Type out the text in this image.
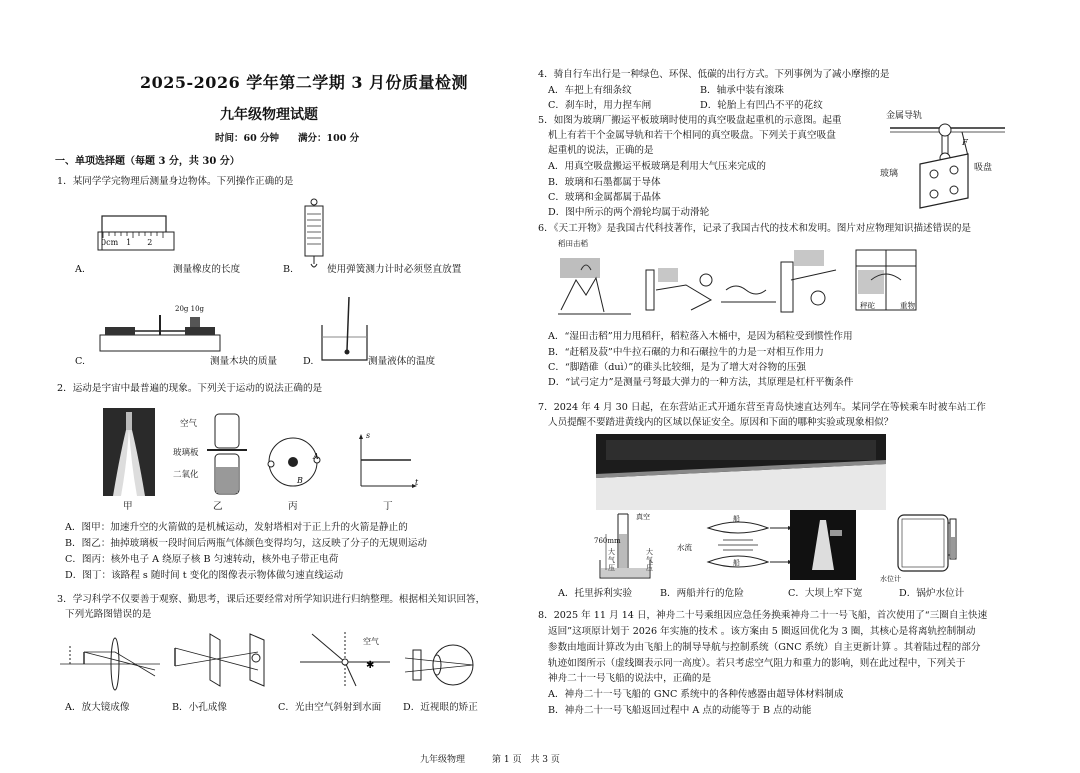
2025-2026 学年第二学期 3 月份质量检测
九年级物理试题
时间：60 分钟　　满分：100 分
一、单项选择题（每题 3 分，共 30 分）
1．某同学学完物理后测量身边物体。下列操作正确的是
0cm　1　　2
A.	测量橡皮的长度	B.	使用弹簧测力计时必须竖直放置
20g 10g
C.	测量木块的质量	D.	测量液体的温度
2．运动是宇宙中最普遍的现象。下列关于运动的说法正确的是
空气
玻璃板
二氧化
A
B
s
t
甲	乙	丙	丁
A．图甲：加速升空的火箭做的是机械运动，发射塔相对于正上升的火箭是静止的
B．图乙：抽掉玻璃板一段时间后两瓶气体颜色变得均匀，这反映了分子的无规则运动
C．图丙：核外电子 A 绕原子核 B 匀速转动，核外电子带正电荷
D．图丁：该路程 s 随时间 t 变化的图像表示物体做匀速直线运动
3．学习科学不仅要善于观察、勤思考，课后还要经常对所学知识进行归纳整理。根据相关知识回答，
下列光路图错误的是
✱
空气
A．放大镜成像	B．小孔成像	C．光由空气斜射到水面 D．近视眼的矫正
4．骑自行车出行是一种绿色、环保、低碳的出行方式。下列事例为了减小摩擦的是
A．车把上有细条纹	B．轴承中装有滚珠
C．刹车时，用力捏车闸	D．轮胎上有凹凸不平的花纹
5．如图为玻璃厂搬运平板玻璃时使用的真空吸盘起重机的示意图。起重
机上有若干个金属导轨和若干个相同的真空吸盘。下列关于真空吸盘
起重机的说法，正确的是
A．用真空吸盘搬运平板玻璃是利用大气压来完成的
B．玻璃和石墨都属于导体
C．玻璃和金属都属于晶体
D．图中所示的两个滑轮均属于动滑轮
金属导轨
玻璃
吸盘
F
6．《天工开物》是我国古代科技著作，记录了我国古代的技术和发明。图片对应物理知识描述错误的是
稻田击稻
秤砣	重物
A．“湿田击稻”用力甩稻秆，稻粒落入木桶中，是因为稻粒受到惯性作用
B．“赶稻及菽”中牛拉石碾的力和石碾拉牛的力是一对相互作用力
C．“脚踏碓（duì）”的碓头比较细，是为了增大对谷物的压强
D．“试弓定力”是测量弓弩最大弹力的一种方法，其原理是杠杆平衡条件
7．2024 年 4 月 30 日起，在东营站正式开通东营至青岛快速直达列车。某同学在等候乘车时被车站工作
人员提醒不要踏进黄线内的区域以保证安全。原因和下面的哪种实验或现象相似？
真空
760mm
大气压
大气压
船
船
水流
水位计
A．托里拆利实验	B．两船并行的危险	C．大坝上窄下宽	D．锅炉水位计
8．2025 年 11 月 14 日，神舟二十号乘组因应急任务换乘神舟二十一号飞船，首次使用了“三圈自主快速
返回”这项原计划于 2026 年实施的技术 。该方案由 5 圈返回优化为 3 圈，其核心是将离轨控制制动
参数由地面计算改为由飞船上的制导导航与控制系统（GNC 系统）自主更新计算 。其着陆过程的部分
轨迹如图所示（虚线圈表示同一高度）。若只考虑空气阻力和重力的影响，则在此过程中，下列关于
神舟二十一号飞船的说法中，正确的是
A．神舟二十一号飞船的 GNC 系统中的各种传感器由超导体材料制成
B．神舟二十一号飞船返回过程中 A 点的动能等于 B 点的动能
九年级物理　　　第 1 页　共 3 页
